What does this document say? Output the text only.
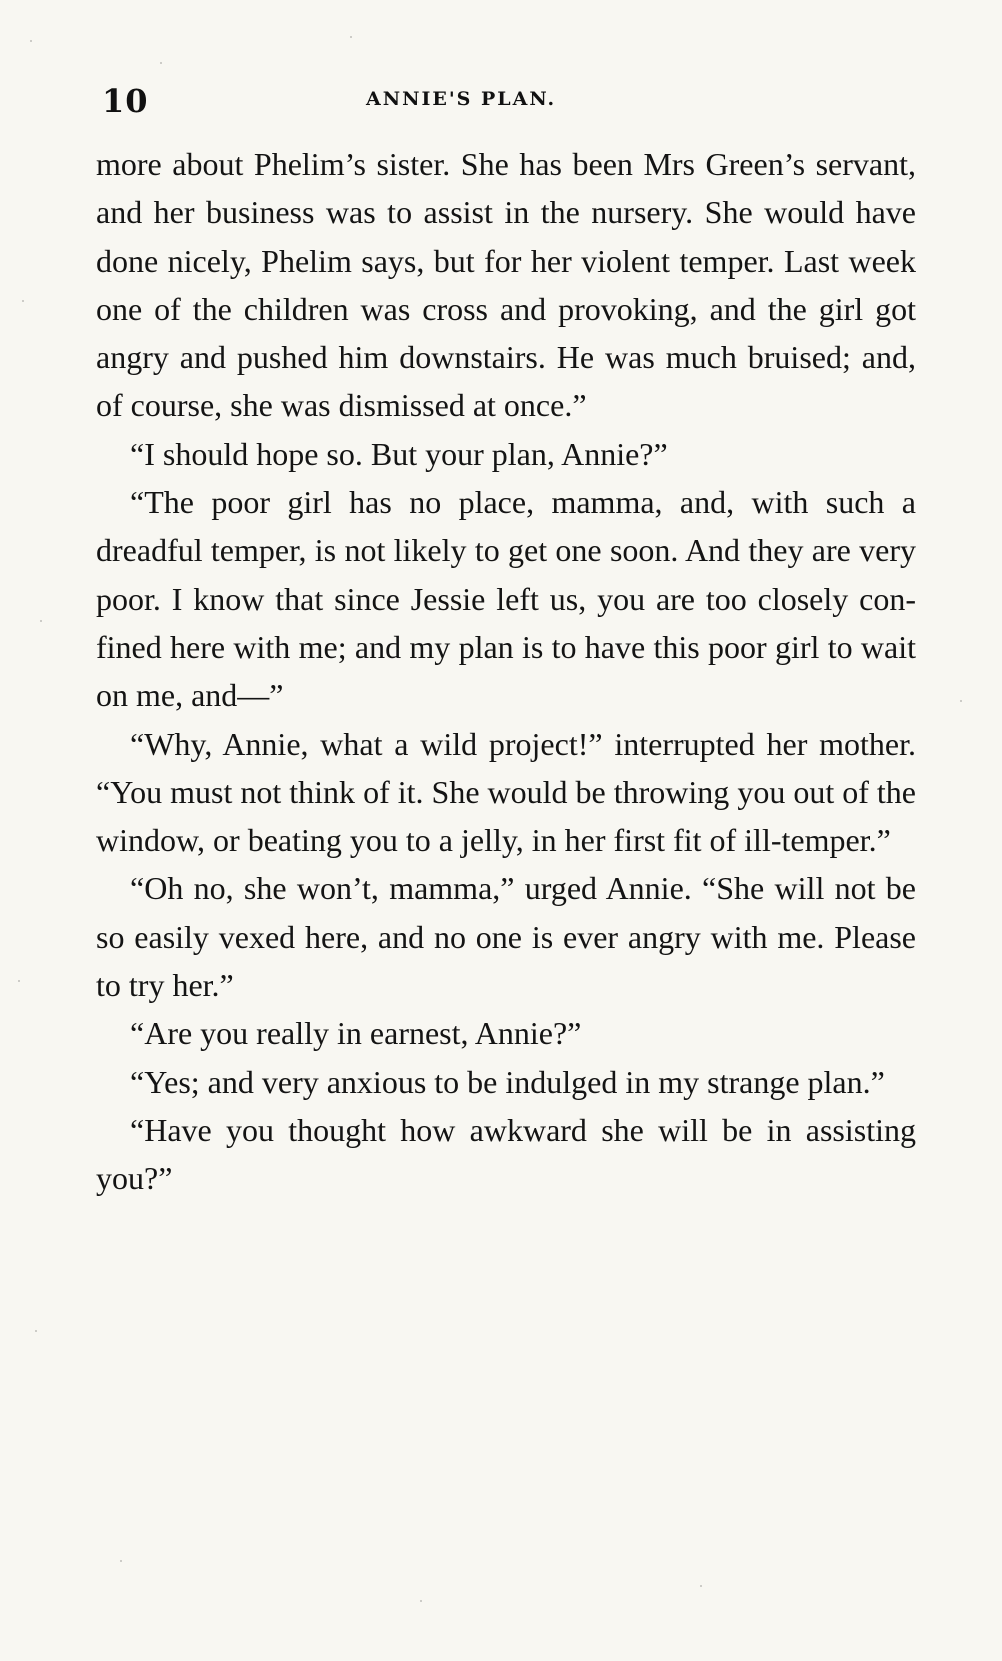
10	ANNIE'S PLAN.

more about Phelim’s sister. She has been Mrs Green’s servant, and her business was to assist in the nursery. She would have done nicely, Phelim says, but for her violent temper. Last week one of the children was cross and provoking, and the girl got angry and pushed him downstairs. He was much bruised; and, of course, she was dismissed at once.”

“I should hope so. But your plan, Annie?”

“The poor girl has no place, mamma, and, with such a dreadful temper, is not likely to get one soon. And they are very poor. I know that since Jessie left us, you are too closely confined here with me; and my plan is to have this poor girl to wait on me, and—”

“Why, Annie, what a wild project!” interrupted her mother. “You must not think of it. She would be throwing you out of the window, or beating you to a jelly, in her first fit of ill-temper.”

“Oh no, she won’t, mamma,” urged Annie. “She will not be so easily vexed here, and no one is ever angry with me. Please to try her.”

“Are you really in earnest, Annie?”

“Yes; and very anxious to be indulged in my strange plan.”

“Have you thought how awkward she will be in assisting you?”
